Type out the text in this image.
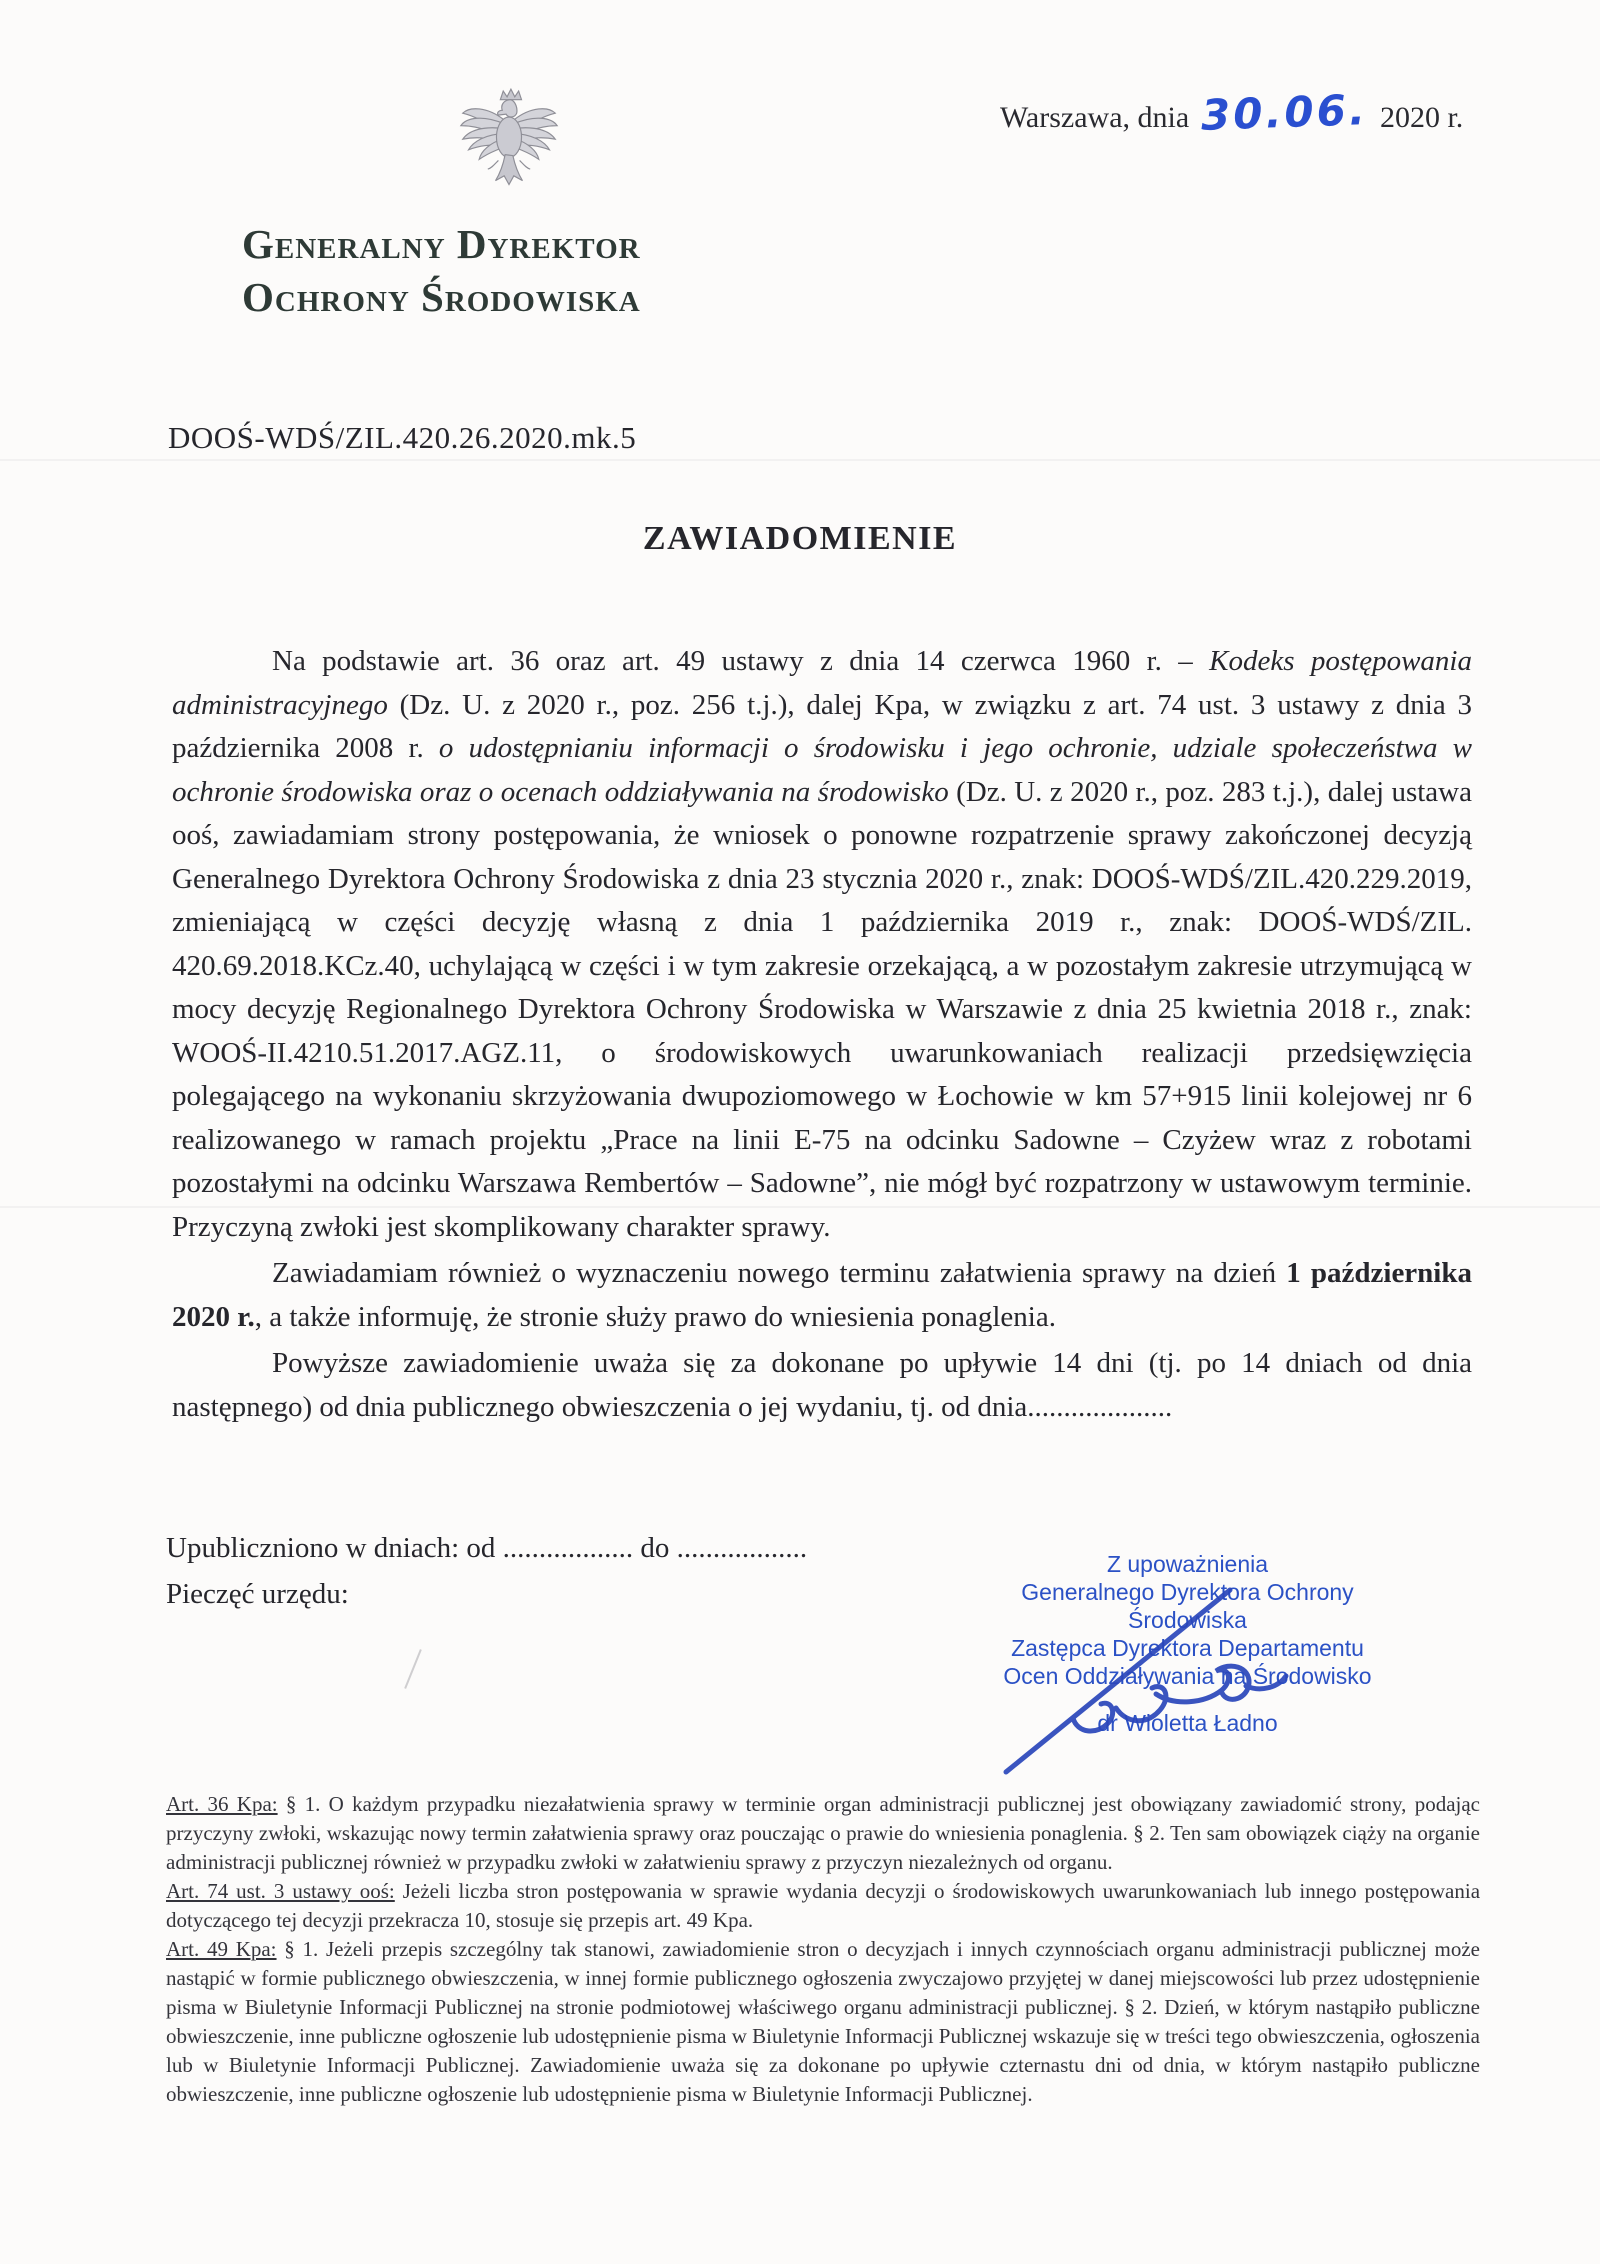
Generalny Dyrektor
Ochrony Środowiska
Warszawa, dnia 30.06. 2020 r.
DOOŚ-WDŚ/ZIL.420.26.2020.mk.5
ZAWIADOMIENIE

Na podstawie art. 36 oraz art. 49 ustawy z dnia 14 czerwca 1960 r. – Kodeks postępowania administracyjnego (Dz. U. z 2020 r., poz. 256 t.j.), dalej Kpa, w związku z art. 74 ust. 3 ustawy z dnia 3 października 2008 r. o udostępnianiu informacji o środowisku i jego ochronie, udziale społeczeństwa w ochronie środowiska oraz o ocenach oddziaływania na środowisko (Dz. U. z 2020 r., poz. 283 t.j.), dalej ustawa ooś, zawiadamiam strony postępowania, że wniosek o ponowne rozpatrzenie sprawy zakończonej decyzją Generalnego Dyrektora Ochrony Środowiska z dnia 23 stycznia 2020 r., znak: DOOŚ-WDŚ/ZIL.420.229.2019, zmieniającą w części decyzję własną z dnia 1 października 2019 r., znak: DOOŚ-WDŚ/ZIL. 420.69.2018.KCz.40, uchylającą w części i w tym zakresie orzekającą, a w pozostałym zakresie utrzymującą w mocy decyzję Regionalnego Dyrektora Ochrony Środowiska w Warszawie z dnia 25 kwietnia 2018 r., znak: WOOŚ-II.4210.51.2017.AGZ.11, o środowiskowych uwarunkowaniach realizacji przedsięwzięcia polegającego na wykonaniu skrzyżowania dwupoziomowego w Łochowie w km 57+915 linii kolejowej nr 6 realizowanego w ramach projektu „Prace na linii E-75 na odcinku Sadowne – Czyżew wraz z robotami pozostałymi na odcinku Warszawa Rembertów – Sadowne”, nie mógł być rozpatrzony w ustawowym terminie. Przyczyną zwłoki jest skomplikowany charakter sprawy.

Zawiadamiam również o wyznaczeniu nowego terminu załatwienia sprawy na dzień 1 października 2020 r., a także informuję, że stronie służy prawo do wniesienia ponaglenia.

Powyższe zawiadomienie uważa się za dokonane po upływie 14 dni (tj. po 14 dniach od dnia następnego) od dnia publicznego obwieszczenia o jej wydaniu, tj. od dnia....................

Upubliczniono w dniach: od .................. do ..................
Pieczęć urzędu:
Z upoważnienia
Generalnego Dyrektora Ochrony Środowiska
Zastępca Dyrektora Departamentu
Ocen Oddziaływania na Środowisko
dr Wioletta Ładno

Art. 36 Kpa: § 1. O każdym przypadku niezałatwienia sprawy w terminie organ administracji publicznej jest obowiązany zawiadomić strony, podając przyczyny zwłoki, wskazując nowy termin załatwienia sprawy oraz pouczając o prawie do wniesienia ponaglenia. § 2. Ten sam obowiązek ciąży na organie administracji publicznej również w przypadku zwłoki w załatwieniu sprawy z przyczyn niezależnych od organu.

Art. 74 ust. 3 ustawy ooś: Jeżeli liczba stron postępowania w sprawie wydania decyzji o środowiskowych uwarunkowaniach lub innego postępowania dotyczącego tej decyzji przekracza 10, stosuje się przepis art. 49 Kpa.

Art. 49 Kpa: § 1. Jeżeli przepis szczególny tak stanowi, zawiadomienie stron o decyzjach i innych czynnościach organu administracji publicznej może nastąpić w formie publicznego obwieszczenia, w innej formie publicznego ogłoszenia zwyczajowo przyjętej w danej miejscowości lub przez udostępnienie pisma w Biuletynie Informacji Publicznej na stronie podmiotowej właściwego organu administracji publicznej. § 2. Dzień, w którym nastąpiło publiczne obwieszczenie, inne publiczne ogłoszenie lub udostępnienie pisma w Biuletynie Informacji Publicznej wskazuje się w treści tego obwieszczenia, ogłoszenia lub w Biuletynie Informacji Publicznej. Zawiadomienie uważa się za dokonane po upływie czternastu dni od dnia, w którym nastąpiło publiczne obwieszczenie, inne publiczne ogłoszenie lub udostępnienie pisma w Biuletynie Informacji Publicznej.
